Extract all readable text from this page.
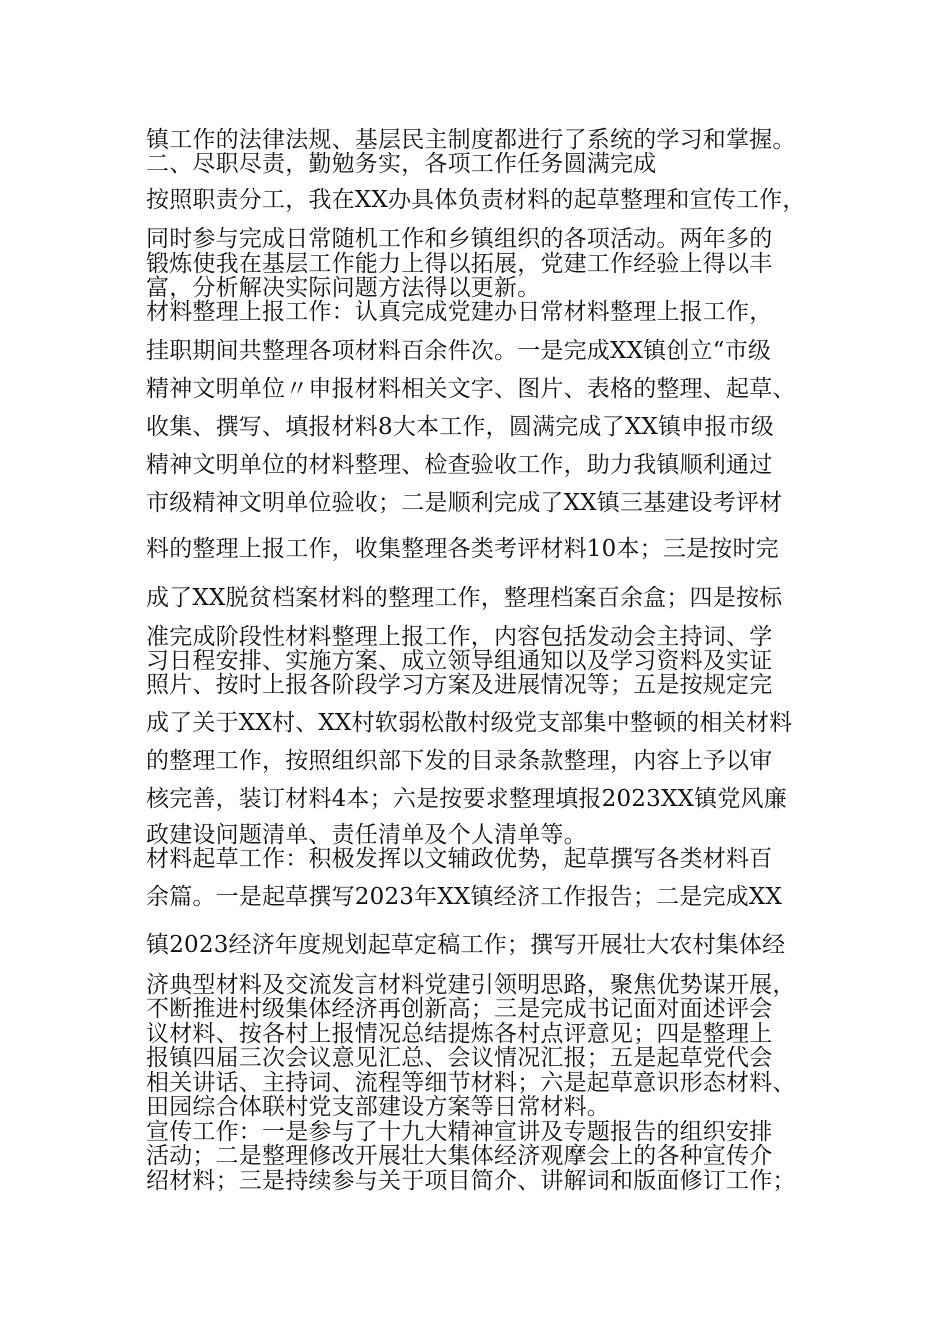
镇工作的法律法规、基层民主制度都进行了系统的学习和掌握。
二、尽职尽责，勤勉务实，各项工作任务圆满完成
按照职责分工，我在XX办具体负责材料的起草整理和宣传工作，
同时参与完成日常随机工作和乡镇组织的各项活动。两年多的
锻炼使我在基层工作能力上得以拓展，党建工作经验上得以丰
富，分析解决实际问题方法得以更新。
材料整理上报工作：认真完成党建办日常材料整理上报工作，
挂职期间共整理各项材料百余件次。一是完成XX镇创立“市级
精神文明单位〃申报材料相关文字、图片、表格的整理、起草、
收集、撰写、填报材料8大本工作，圆满完成了XX镇申报市级
精神文明单位的材料整理、检查验收工作，助力我镇顺利通过
市级精神文明单位验收；二是顺利完成了XX镇三基建设考评材
料的整理上报工作，收集整理各类考评材料10本；三是按时完
成了XX脱贫档案材料的整理工作，整理档案百余盒；四是按标
准完成阶段性材料整理上报工作，内容包括发动会主持词、学
习日程安排、实施方案、成立领导组通知以及学习资料及实证
照片、按时上报各阶段学习方案及进展情况等；五是按规定完
成了关于XX村、XX村软弱松散村级党支部集中整顿的相关材料
的整理工作，按照组织部下发的目录条款整理，内容上予以审
核完善，装订材料4本；六是按要求整理填报2023XX镇党风廉
政建设问题清单、责任清单及个人清单等。
材料起草工作：积极发挥以文辅政优势，起草撰写各类材料百
余篇。一是起草撰写2023年XX镇经济工作报告；二是完成XX
镇2023经济年度规划起草定稿工作；撰写开展壮大农村集体经
济典型材料及交流发言材料党建引领明思路，聚焦优势谋开展，
不断推进村级集体经济再创新高；三是完成书记面对面述评会
议材料、按各村上报情况总结提炼各村点评意见；四是整理上
报镇四届三次会议意见汇总、会议情况汇报；五是起草党代会
相关讲话、主持词、流程等细节材料；六是起草意识形态材料、
田园综合体联村党支部建设方案等日常材料。
宣传工作：一是参与了十九大精神宣讲及专题报告的组织安排
活动；二是整理修改开展壮大集体经济观摩会上的各种宣传介
绍材料；三是持续参与关于项目简介、讲解词和版面修订工作；
